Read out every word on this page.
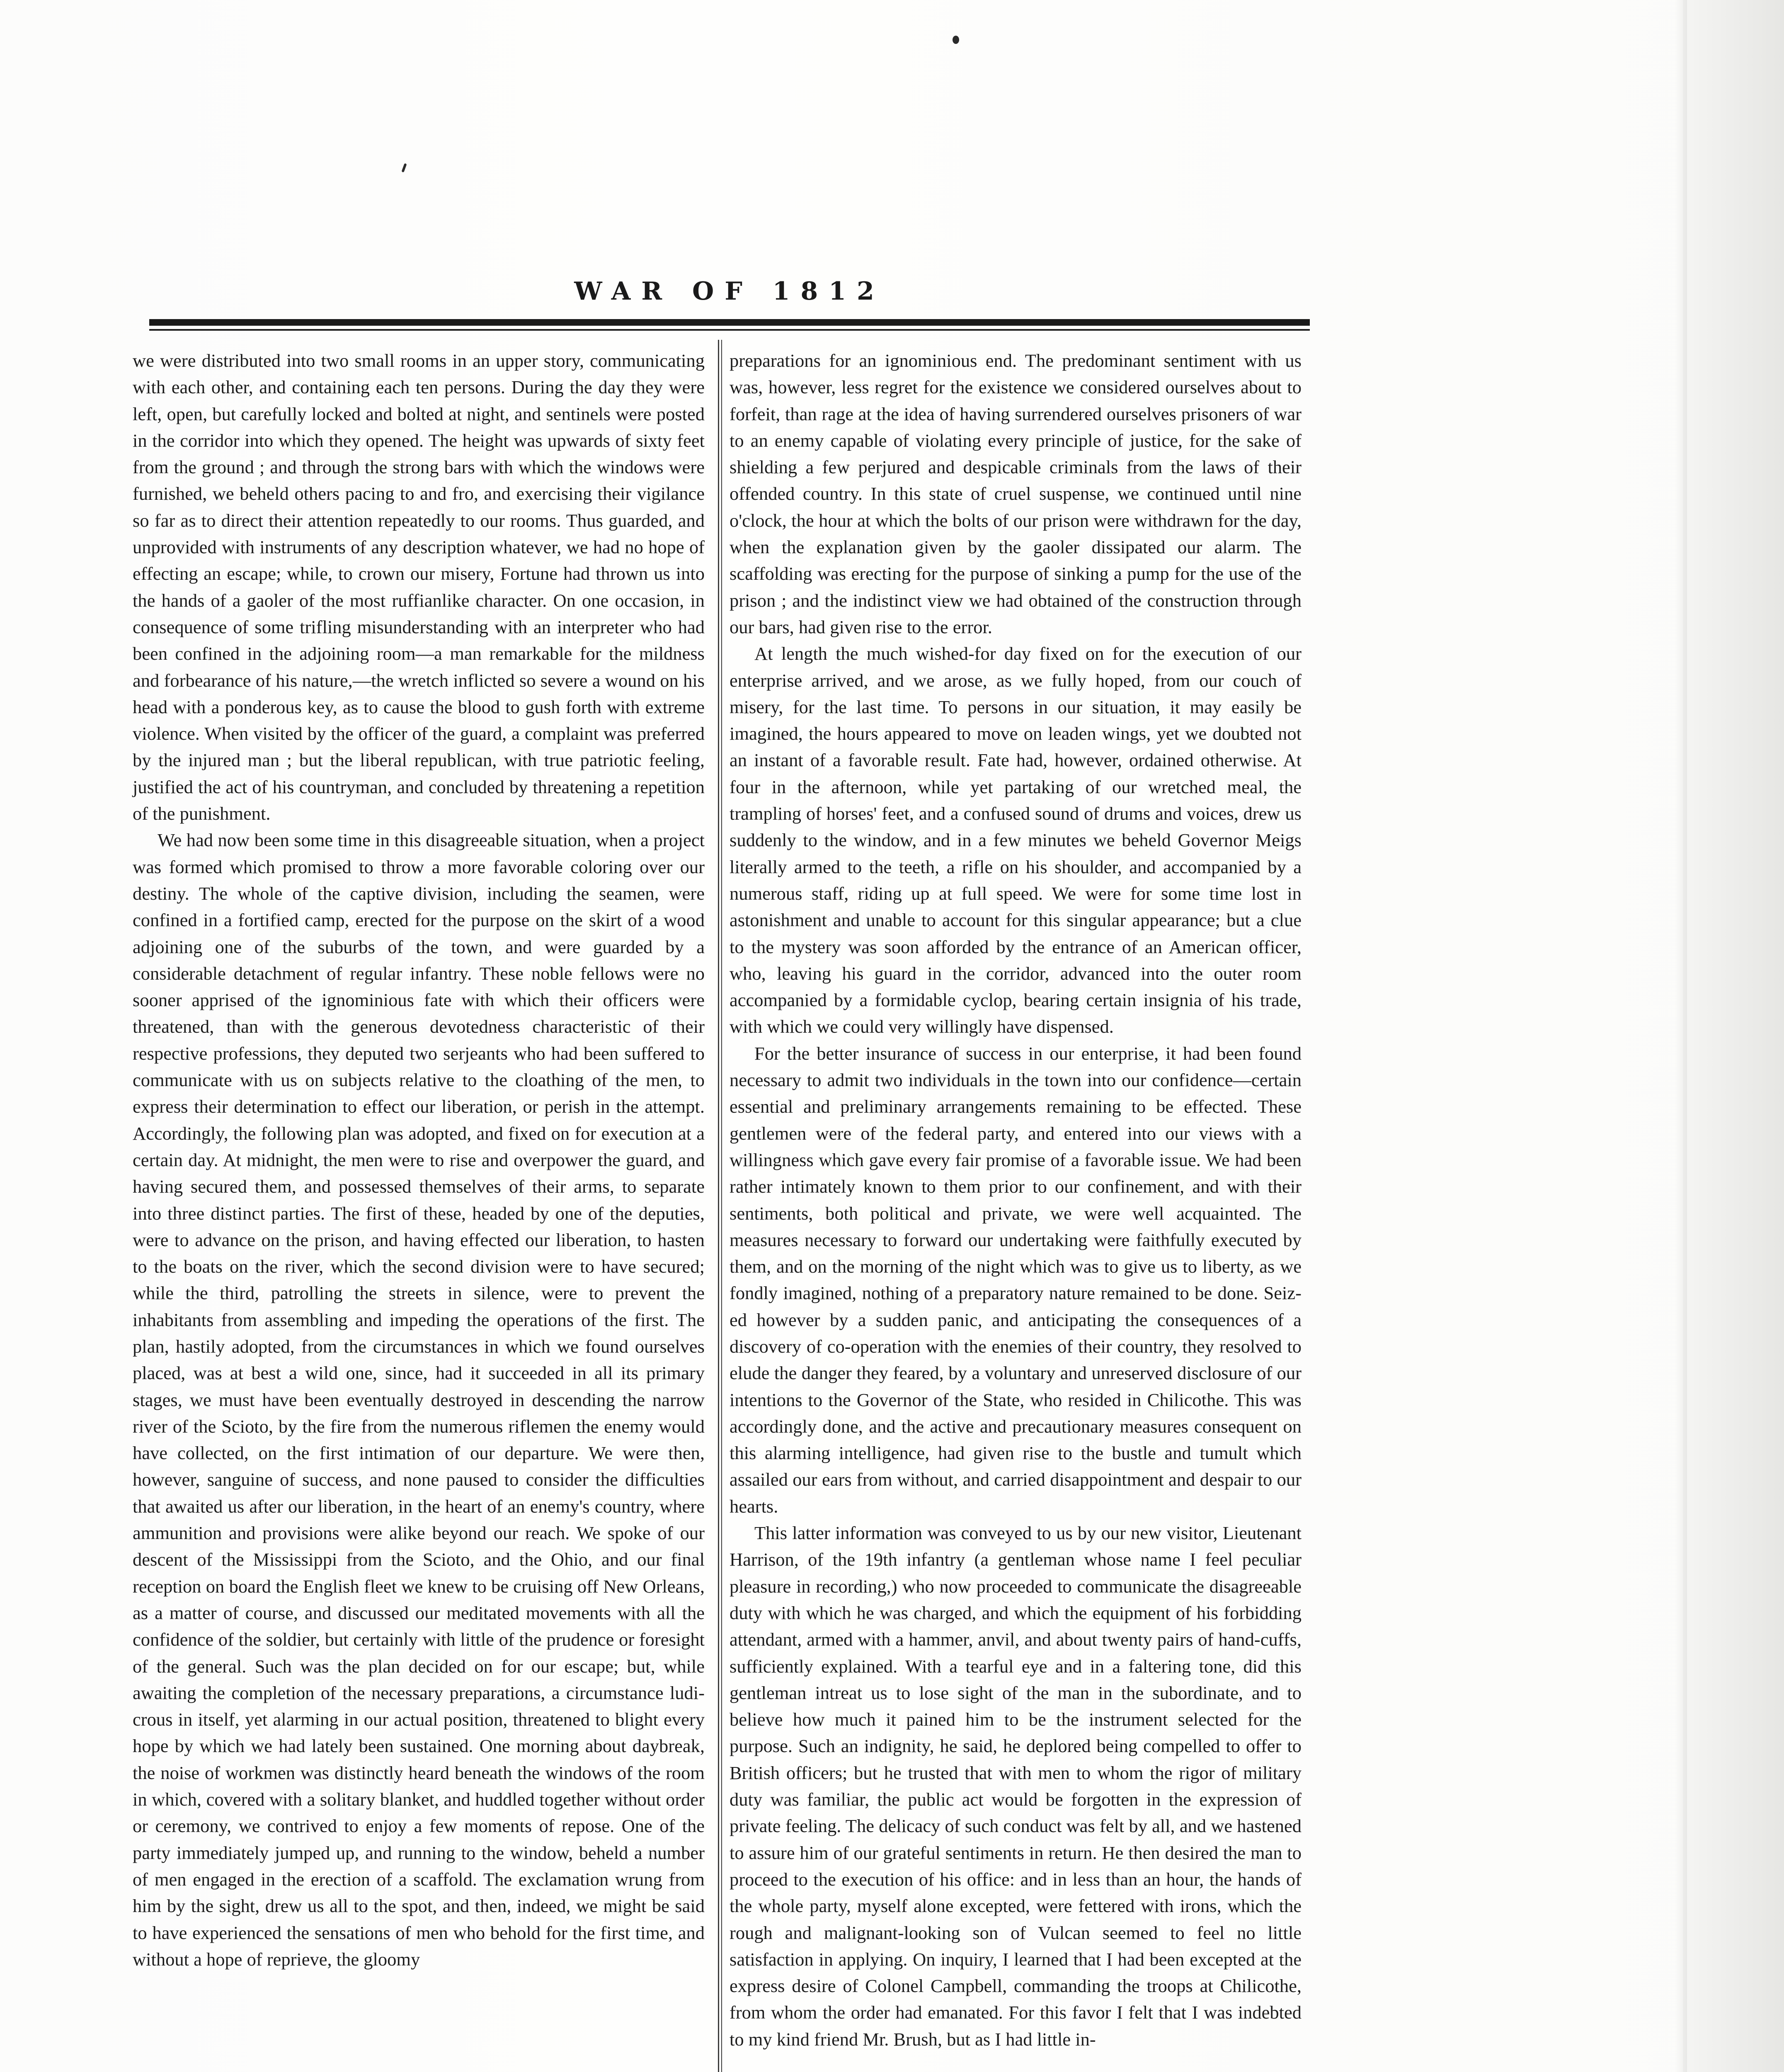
WAR OF 1812

we were distributed into two small rooms in an upper story, communicating with each other, and containing each ten persons. During the day they were left, open, but carefully locked and bolted at night, and sentinels were posted in the corridor into which they opened. The height was upwards of sixty feet from the ground ; and through the strong bars with which the windows were furnished, we beheld others pacing to and fro, and exercising their vigilance so far as to direct their attention repeatedly to our rooms. Thus guarded, and unprovided with instruments of any description whatever, we had no hope of effecting an escape; while, to crown our misery, Fortune had thrown us into the hands of a gaoler of the most ruffianlike character. On one occasion, in consequence of some trifling misunderstanding with an interpreter who had been confined in the adjoining room—a man remarkable for the mildness and forbearance of his nature,—the wretch inflicted so severe a wound on his head with a ponderous key, as to cause the blood to gush forth with extreme violence. When visited by the officer of the guard, a complaint was preferred by the injured man ; but the liberal republican, with true patriotic feeling, justified the act of his countryman, and concluded by threatening a repetition of the punishment.

We had now been some time in this disagreeable situation, when a project was formed which promised to throw a more favorable coloring over our destiny. The whole of the captive division, including the seamen, were confined in a fortified camp, erected for the purpose on the skirt of a wood adjoining one of the suburbs of the town, and were guarded by a considerable detachment of regular infantry. These noble fellows were no sooner apprised of the ignominious fate with which their officers were threatened, than with the generous devotedness characteristic of their respective professions, they deputed two serjeants who had been suffered to communicate with us on subjects relative to the cloathing of the men, to express their determination to effect our liberation, or perish in the attempt. Accordingly, the following plan was adopted, and fixed on for execution at a certain day. At midnight, the men were to rise and overpower the guard, and having secured them, and possessed themselves of their arms, to separate into three distinct parties. The first of these, headed by one of the deputies, were to advance on the prison, and having effected our liberation, to hasten to the boats on the river, which the second division were to have secured; while the third, patrolling the streets in silence, were to prevent the inhabitants from assembling and impeding the operations of the first. The plan, hastily adopted, from the circumstances in which we found ourselves placed, was at best a wild one, since, had it succeeded in all its primary stages, we must have been eventually destroyed in descending the narrow river of the Scioto, by the fire from the numerous riflemen the enemy would have collected, on the first intimation of our departure. We were then, however, sanguine of success, and none paused to consider the difficulties that awaited us after our liberation, in the heart of an enemy's country, where ammunition and provisions were alike beyond our reach. We spoke of our descent of the Mississippi from the Scioto, and the Ohio, and our final reception on board the English fleet we knew to be cruising off New Orleans, as a matter of course, and discussed our meditated movements with all the confidence of the soldier, but certainly with little of the prudence or foresight of the general. Such was the plan decided on for our escape; but, while awaiting the completion of the necessary preparations, a circumstance ludicrous in itself, yet alarming in our actual position, threatened to blight every hope by which we had lately been sustained. One morning about daybreak, the noise of workmen was distinctly heard beneath the windows of the room in which, covered with a solitary blanket, and huddled together without order or ceremony, we contrived to enjoy a few moments of repose. One of the party immediately jumped up, and running to the window, beheld a number of men engaged in the erection of a scaffold. The exclamation wrung from him by the sight, drew us all to the spot, and then, indeed, we might be said to have experienced the sensations of men who behold for the first time, and without a hope of reprieve, the gloomy

preparations for an ignominious end. The predominant sentiment with us was, however, less regret for the existence we considered ourselves about to forfeit, than rage at the idea of having surrendered ourselves prisoners of war to an enemy capable of violating every principle of justice, for the sake of shielding a few perjured and despicable criminals from the laws of their offended country. In this state of cruel suspense, we continued until nine o'clock, the hour at which the bolts of our prison were withdrawn for the day, when the explanation given by the gaoler dissipated our alarm. The scaffolding was erecting for the purpose of sinking a pump for the use of the prison ; and the indistinct view we had obtained of the construction through our bars, had given rise to the error.

At length the much wished-for day fixed on for the execution of our enterprise arrived, and we arose, as we fully hoped, from our couch of misery, for the last time. To persons in our situation, it may easily be imagined, the hours appeared to move on leaden wings, yet we doubted not an instant of a favorable result. Fate had, however, ordained otherwise. At four in the afternoon, while yet partaking of our wretched meal, the trampling of horses' feet, and a confused sound of drums and voices, drew us suddenly to the window, and in a few minutes we beheld Governor Meigs literally armed to the teeth, a rifle on his shoulder, and accompanied by a numerous staff, riding up at full speed. We were for some time lost in astonishment and unable to account for this singular appearance; but a clue to the mystery was soon afforded by the entrance of an American officer, who, leaving his guard in the corridor, advanced into the outer room accompanied by a formidable cyclop, bearing certain insignia of his trade, with which we could very willingly have dispensed.

For the better insurance of success in our enterprise, it had been found necessary to admit two individuals in the town into our confidence—certain essential and preliminary arrangements remaining to be effected. These gentlemen were of the federal party, and entered into our views with a willingness which gave every fair promise of a favorable issue. We had been rather intimately known to them prior to our confinement, and with their sentiments, both political and private, we were well acquainted. The measures necessary to forward our undertaking were faithfully executed by them, and on the morning of the night which was to give us to liberty, as we fondly imagined, nothing of a preparatory nature remained to be done. Seized however by a sudden panic, and anticipating the consequences of a discovery of co-operation with the enemies of their country, they resolved to elude the danger they feared, by a voluntary and unreserved disclosure of our intentions to the Governor of the State, who resided in Chilicothe. This was accordingly done, and the active and precautionary measures consequent on this alarming intelligence, had given rise to the bustle and tumult which assailed our ears from without, and carried disappointment and despair to our hearts.

This latter information was conveyed to us by our new visitor, Lieutenant Harrison, of the 19th infantry (a gentleman whose name I feel peculiar pleasure in recording,) who now proceeded to communicate the disagreeable duty with which he was charged, and which the equipment of his forbidding attendant, armed with a hammer, anvil, and about twenty pairs of hand-cuffs, sufficiently explained. With a tearful eye and in a faltering tone, did this gentleman intreat us to lose sight of the man in the subordinate, and to believe how much it pained him to be the instrument selected for the purpose. Such an indignity, he said, he deplored being compelled to offer to British officers; but he trusted that with men to whom the rigor of military duty was familiar, the public act would be forgotten in the expression of private feeling. The delicacy of such conduct was felt by all, and we hastened to assure him of our grateful sentiments in return. He then desired the man to proceed to the execution of his office: and in less than an hour, the hands of the whole party, myself alone excepted, were fettered with irons, which the rough and malignant-looking son of Vulcan seemed to feel no little satisfaction in applying. On inquiry, I learned that I had been excepted at the express desire of Colonel Campbell, commanding the troops at Chilicothe, from whom the order had emanated. For this favor I felt that I was indebted to my kind friend Mr. Brush, but as I had little in-
